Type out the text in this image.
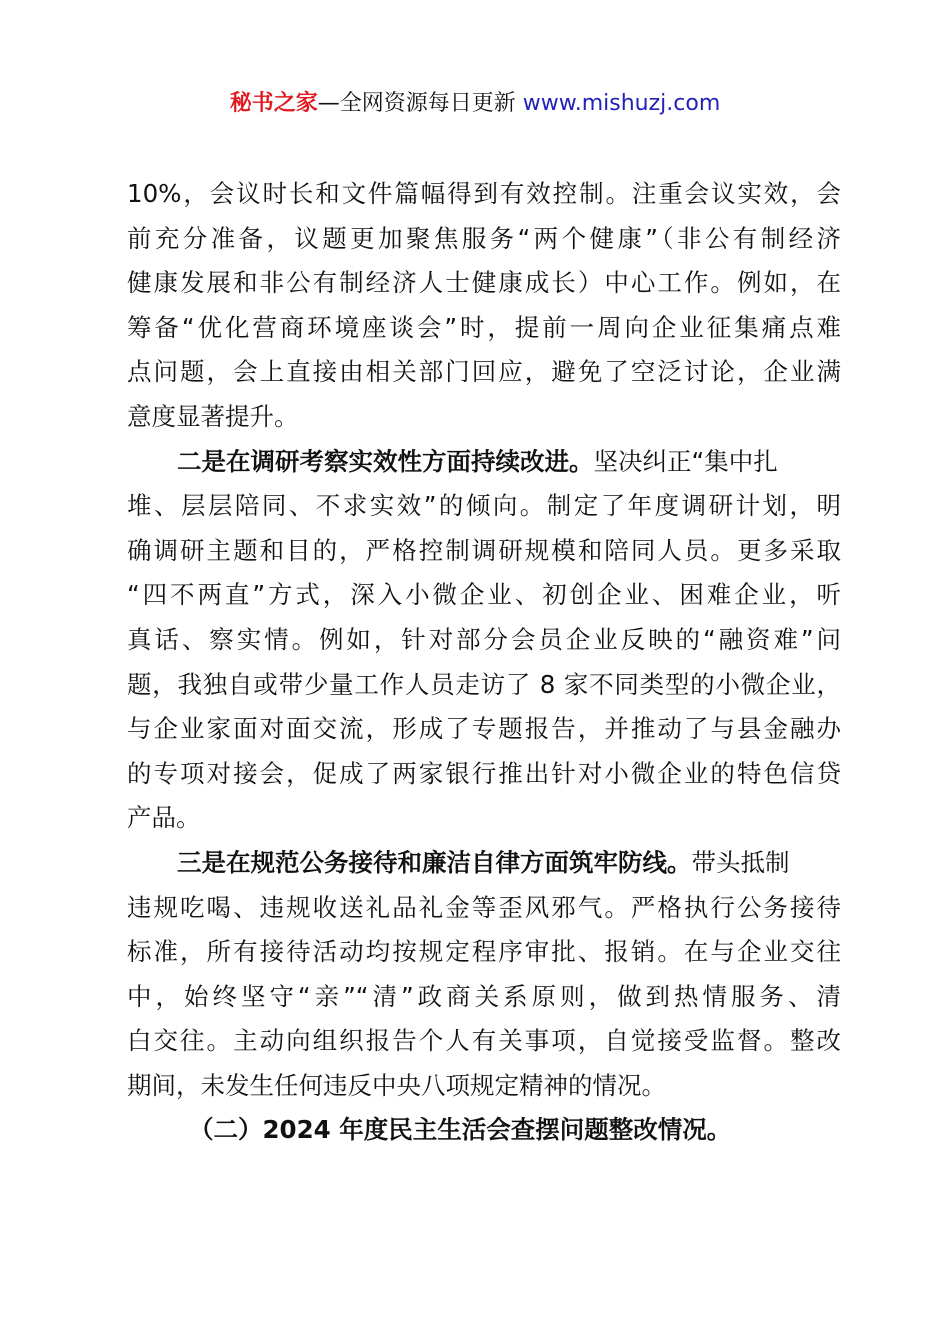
秘书之家—全网资源每日更新 www.mishuzj.com
10%，会议时长和文件篇幅得到有效控制。注重会议实效，会
前充分准备，议题更加聚焦服务“两个健康”（非公有制经济
健康发展和非公有制经济人士健康成长）中心工作。例如，在
筹备“优化营商环境座谈会”时，提前一周向企业征集痛点难
点问题，会上直接由相关部门回应，避免了空泛讨论，企业满
意度显著提升。
二是在调研考察实效性方面持续改进。坚决纠正“集中扎
堆、层层陪同、不求实效”的倾向。制定了年度调研计划，明
确调研主题和目的，严格控制调研规模和陪同人员。更多采取
“四不两直”方式，深入小微企业、初创企业、困难企业，听
真话、察实情。例如，针对部分会员企业反映的“融资难”问
题，我独自或带少量工作人员走访了 8 家不同类型的小微企业，
与企业家面对面交流，形成了专题报告，并推动了与县金融办
的专项对接会，促成了两家银行推出针对小微企业的特色信贷
产品。
三是在规范公务接待和廉洁自律方面筑牢防线。带头抵制
违规吃喝、违规收送礼品礼金等歪风邪气。严格执行公务接待
标准，所有接待活动均按规定程序审批、报销。在与企业交往
中，始终坚守“亲”“清”政商关系原则，做到热情服务、清
白交往。主动向组织报告个人有关事项，自觉接受监督。整改
期间，未发生任何违反中央八项规定精神的情况。
（二）2024 年度民主生活会查摆问题整改情况。
